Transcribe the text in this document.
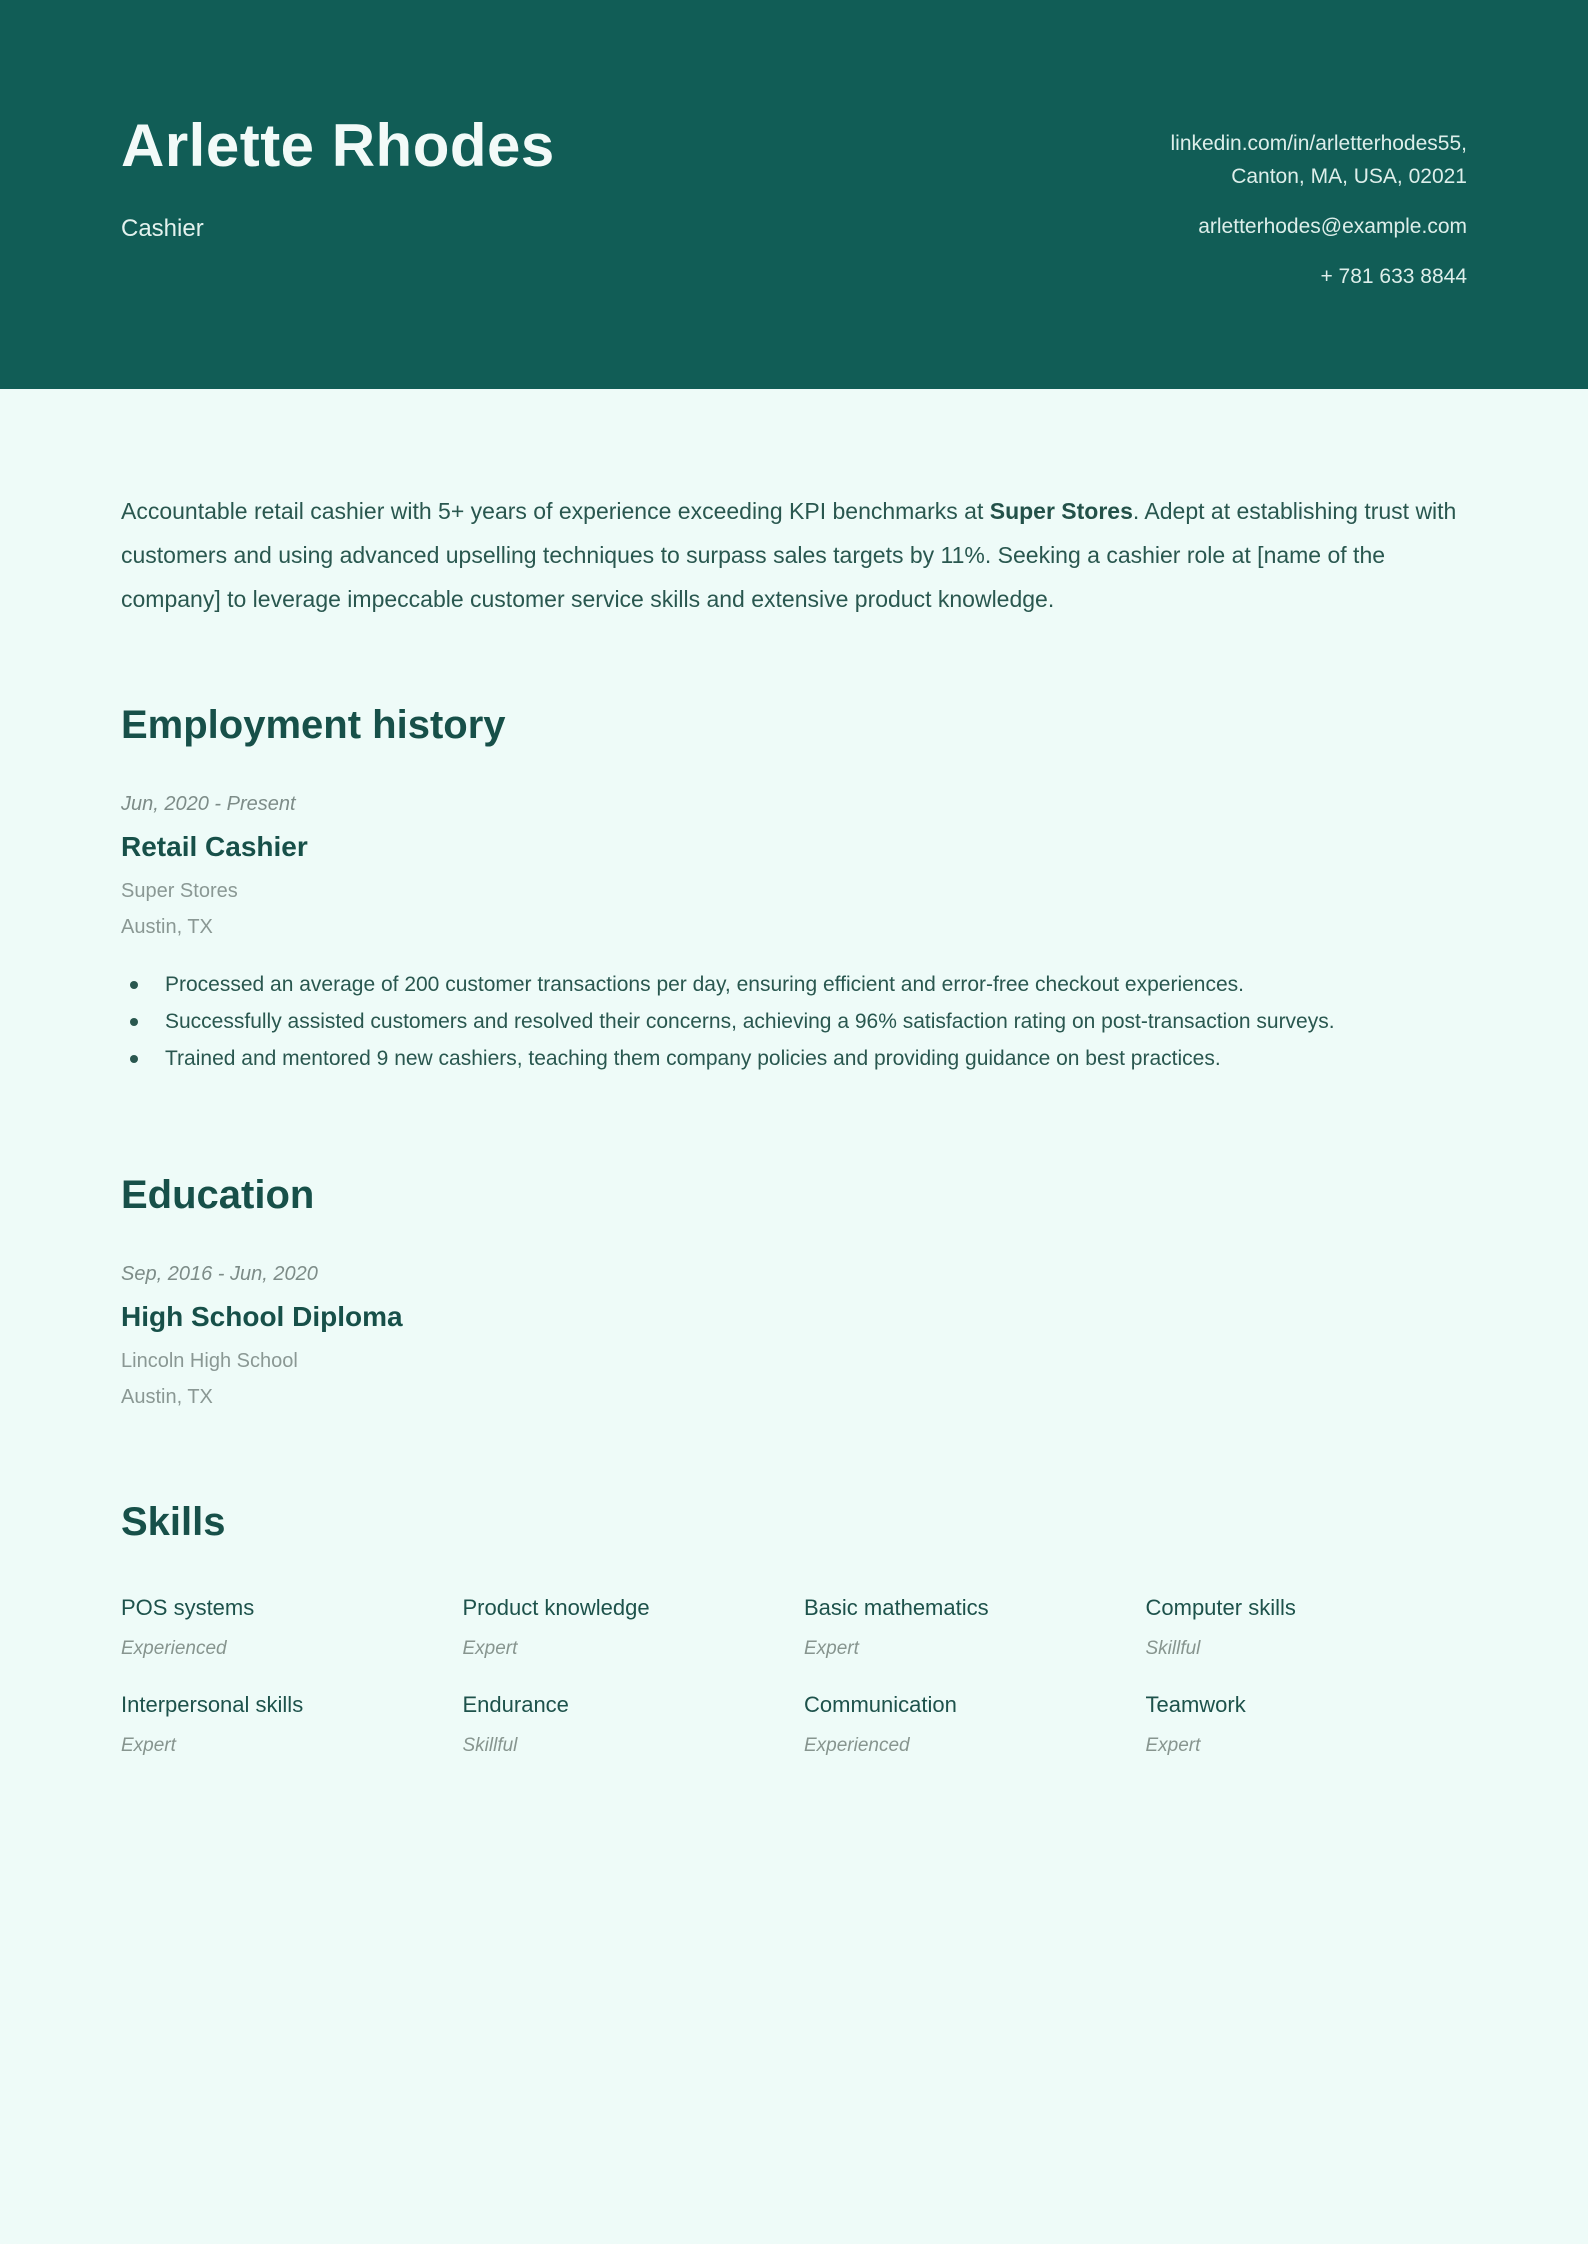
Arlette Rhodes
Cashier
linkedin.com/in/arletterhodes55,
Canton, MA, USA, 02021
arletterhodes@example.com
+ 781 633 8844

Accountable retail cashier with 5+ years of experience exceeding KPI benchmarks at Super Stores. Adept at establishing trust with customers and using advanced upselling techniques to surpass sales targets by 11%. Seeking a cashier role at [name of the company] to leverage impeccable customer service skills and extensive product knowledge.

Employment history
Jun, 2020 - Present
Retail Cashier
Super Stores
Austin, TX
Processed an average of 200 customer transactions per day, ensuring efficient and error-free checkout experiences.
Successfully assisted customers and resolved their concerns, achieving a 96% satisfaction rating on post-transaction surveys.
Trained and mentored 9 new cashiers, teaching them company policies and providing guidance on best practices.
Education
Sep, 2016 - Jun, 2020
High School Diploma
Lincoln High School
Austin, TX
Skills
POS systems
Experienced
Product knowledge
Expert
Basic mathematics
Expert
Computer skills
Skillful
Interpersonal skills
Expert
Endurance
Skillful
Communication
Experienced
Teamwork
Expert
